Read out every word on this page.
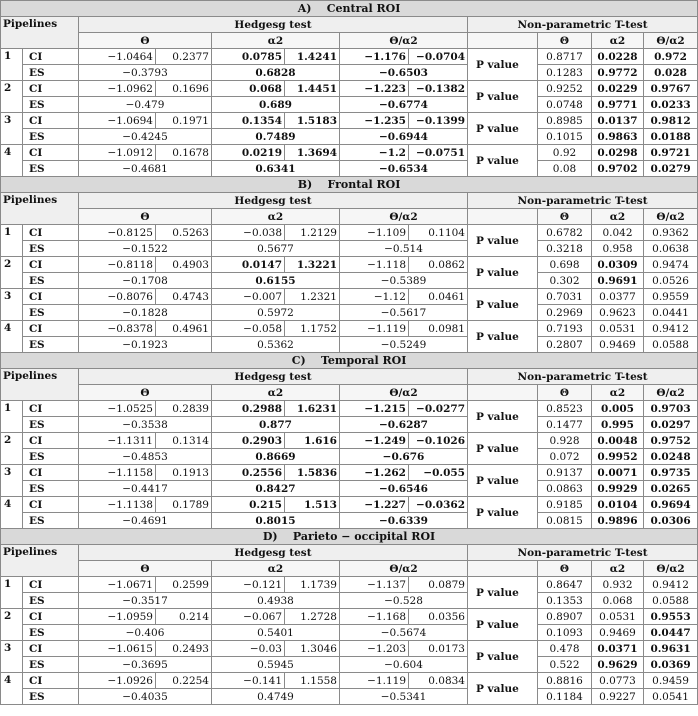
A)    Central ROI											
Pipelines		Hedgesg test						Non-parametric T-test			
		Θ		α2		Θ/α2			Θ	α2	Θ/α2
1	CI	−1.0464	0.2377	0.0785	1.4241	−1.176	−0.0704	P value	0.8717	0.0228	0.972
	ES	−0.3793		0.6828		−0.6503			0.1283	0.9772	0.028
2	CI	−1.0962	0.1696	0.068	1.4451	−1.223	−0.1382	P value	0.9252	0.0229	0.9767
	ES	−0.479		0.689		−0.6774			0.0748	0.9771	0.0233
3	CI	−1.0694	0.1971	0.1354	1.5183	−1.235	−0.1399	P value	0.8985	0.0137	0.9812
	ES	−0.4245		0.7489		−0.6944			0.1015	0.9863	0.0188
4	CI	−1.0912	0.1678	0.0219	1.3694	−1.2	−0.0751	P value	0.92	0.0298	0.9721
	ES	−0.4681		0.6341		−0.6534			0.08	0.9702	0.0279
B)    Frontal ROI											
Pipelines		Hedgesg test						Non-parametric T-test			
		Θ		α2		Θ/α2			Θ	α2	Θ/α2
1	CI	−0.8125	0.5263	−0.038	1.2129	−1.109	0.1104	P value	0.6782	0.042	0.9362
	ES	−0.1522		0.5677		−0.514			0.3218	0.958	0.0638
2	CI	−0.8118	0.4903	0.0147	1.3221	−1.118	0.0862	P value	0.698	0.0309	0.9474
	ES	−0.1708		0.6155		−0.5389			0.302	0.9691	0.0526
3	CI	−0.8076	0.4743	−0.007	1.2321	−1.12	0.0461	P value	0.7031	0.0377	0.9559
	ES	−0.1828		0.5972		−0.5617			0.2969	0.9623	0.0441
4	CI	−0.8378	0.4961	−0.058	1.1752	−1.119	0.0981	P value	0.7193	0.0531	0.9412
	ES	−0.1923		0.5362		−0.5249			0.2807	0.9469	0.0588
C)    Temporal ROI											
Pipelines		Hedgesg test						Non-parametric T-test			
		Θ		α2		Θ/α2			Θ	α2	Θ/α2
1	CI	−1.0525	0.2839	0.2988	1.6231	−1.215	−0.0277	P value	0.8523	0.005	0.9703
	ES	−0.3538		0.877		−0.6287			0.1477	0.995	0.0297
2	CI	−1.1311	0.1314	0.2903	1.616	−1.249	−0.1026	P value	0.928	0.0048	0.9752
	ES	−0.4853		0.8669		−0.676			0.072	0.9952	0.0248
3	CI	−1.1158	0.1913	0.2556	1.5836	−1.262	−0.055	P value	0.9137	0.0071	0.9735
	ES	−0.4417		0.8427		−0.6546			0.0863	0.9929	0.0265
4	CI	−1.1138	0.1789	0.215	1.513	−1.227	−0.0362	P value	0.9185	0.0104	0.9694
	ES	−0.4691		0.8015		−0.6339			0.0815	0.9896	0.0306
D)    Parieto − occipital ROI											
Pipelines		Hedgesg test						Non-parametric T-test			
		Θ		α2		Θ/α2			Θ	α2	Θ/α2
1	CI	−1.0671	0.2599	−0.121	1.1739	−1.137	0.0879	P value	0.8647	0.932	0.9412
	ES	−0.3517		0.4938		−0.528			0.1353	0.068	0.0588
2	CI	−1.0959	0.214	−0.067	1.2728	−1.168	0.0356	P value	0.8907	0.0531	0.9553
	ES	−0.406		0.5401		−0.5674			0.1093	0.9469	0.0447
3	CI	−1.0615	0.2493	−0.03	1.3046	−1.203	0.0173	P value	0.478	0.0371	0.9631
	ES	−0.3695		0.5945		−0.604			0.522	0.9629	0.0369
4	CI	−1.0926	0.2254	−0.141	1.1558	−1.119	0.0834	P value	0.8816	0.0773	0.9459
	ES	−0.4035		0.4749		−0.5341			0.1184	0.9227	0.0541
